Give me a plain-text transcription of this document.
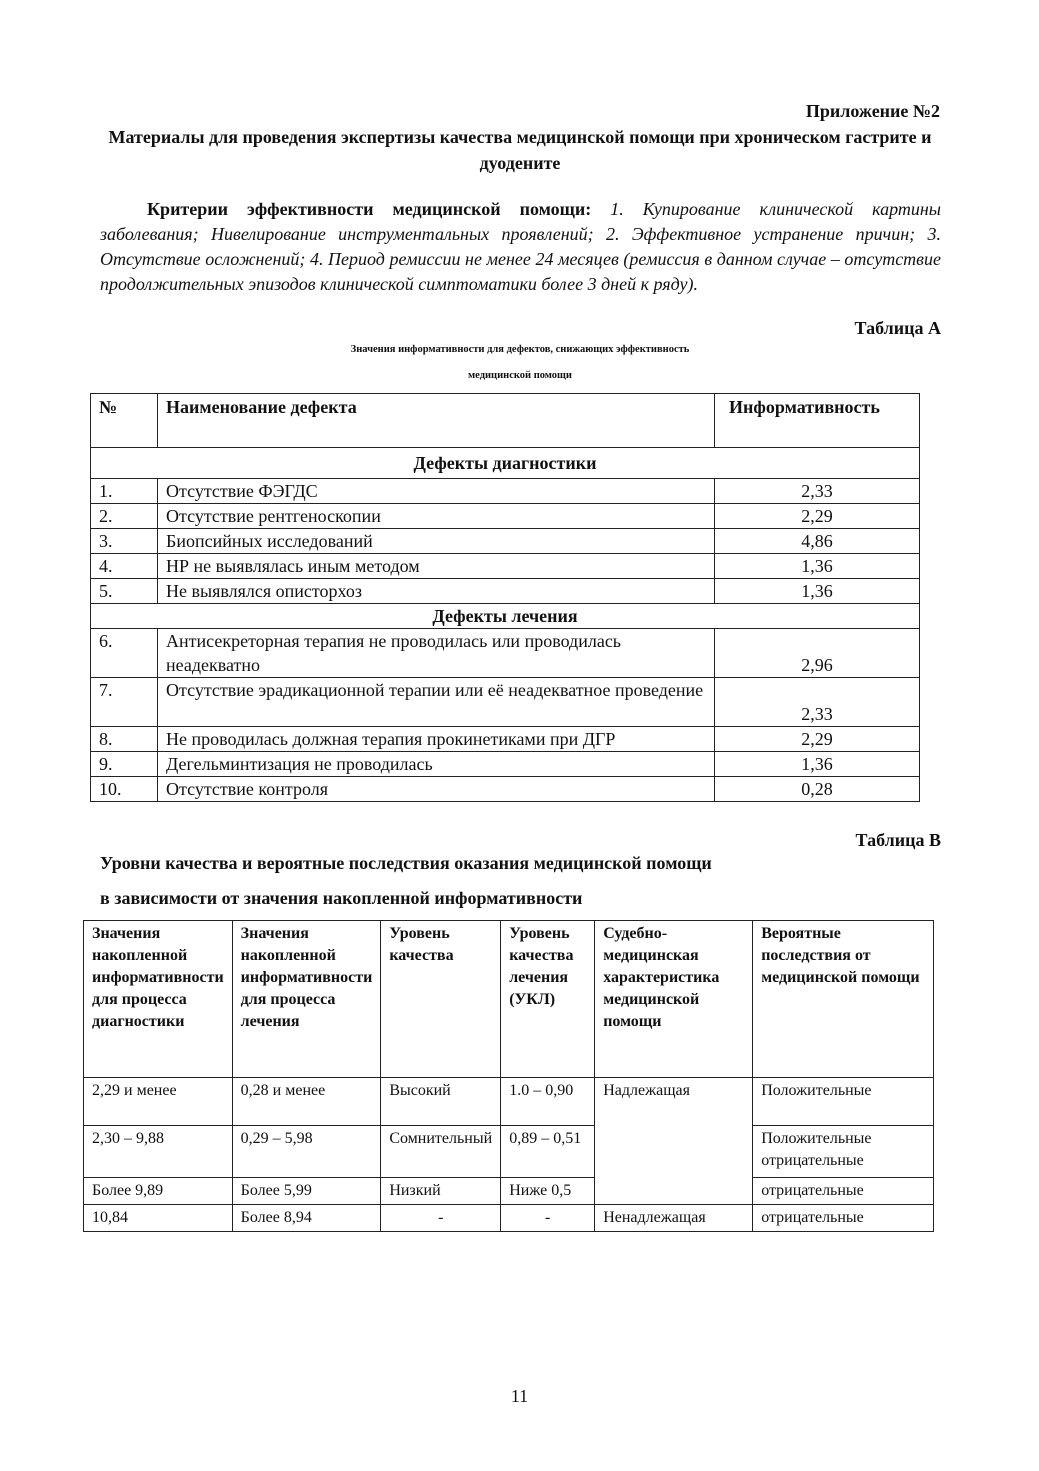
Приложение №2
Материалы для проведения экспертизы качества медицинской помощи при хроническом гастрите и дуодените
Критерии эффективности медицинской помощи: 1. Купирование клинической картины заболевания; Нивелирование инструментальных проявлений; 2. Эффективное устранение причин; 3. Отсутствие осложнений; 4. Период ремиссии не менее 24 месяцев (ремиссия в данном случае – отсутствие продолжительных эпизодов клинической симптоматики более 3 дней к ряду).
Таблица А
Значения информативности для дефектов, снижающих эффективность
медицинской помощи
№	Наименование дефекта	Информативность
Дефекты диагностики		
1.	Отсутствие ФЭГДС	2,33
2.	Отсутствие рентгеноскопии	2,29
3.	Биопсийных исследований	4,86
4.	НР не выявлялась иным методом	1,36
5.	Не выявлялся описторхоз	1,36
Дефекты лечения		
6.	Антисекреторная терапия не проводилась или проводилась неадекватно	2,96
7.	Отсутствие эрадикационной терапии или её неадекватное проведение	2,33
8.	Не проводилась должная терапия прокинетиками при ДГР	2,29
9.	Дегельминтизация не проводилась	1,36
10.	Отсутствие контроля	0,28
Таблица В
Уровни качества и вероятные последствия оказания медицинской помощи
в зависимости от значения накопленной информативности
Значения накопленной информативности для процесса диагностики	Значения накопленной информативности для процесса лечения	Уровень качества	Уровень качества лечения (УКЛ)	Судебно-медицинская характеристика медицинской помощи	Вероятные последствия от медицинской помощи
2,29 и менее	0,28 и менее	Высокий	1.0 – 0,90	Надлежащая	Положительные
2,30 – 9,88	0,29 – 5,98	Сомнительный	0,89 – 0,51		Положительные отрицательные
Более 9,89	Более 5,99	Низкий	Ниже 0,5		отрицательные
10,84	Более 8,94	-	-	Ненадлежащая	отрицательные
11
